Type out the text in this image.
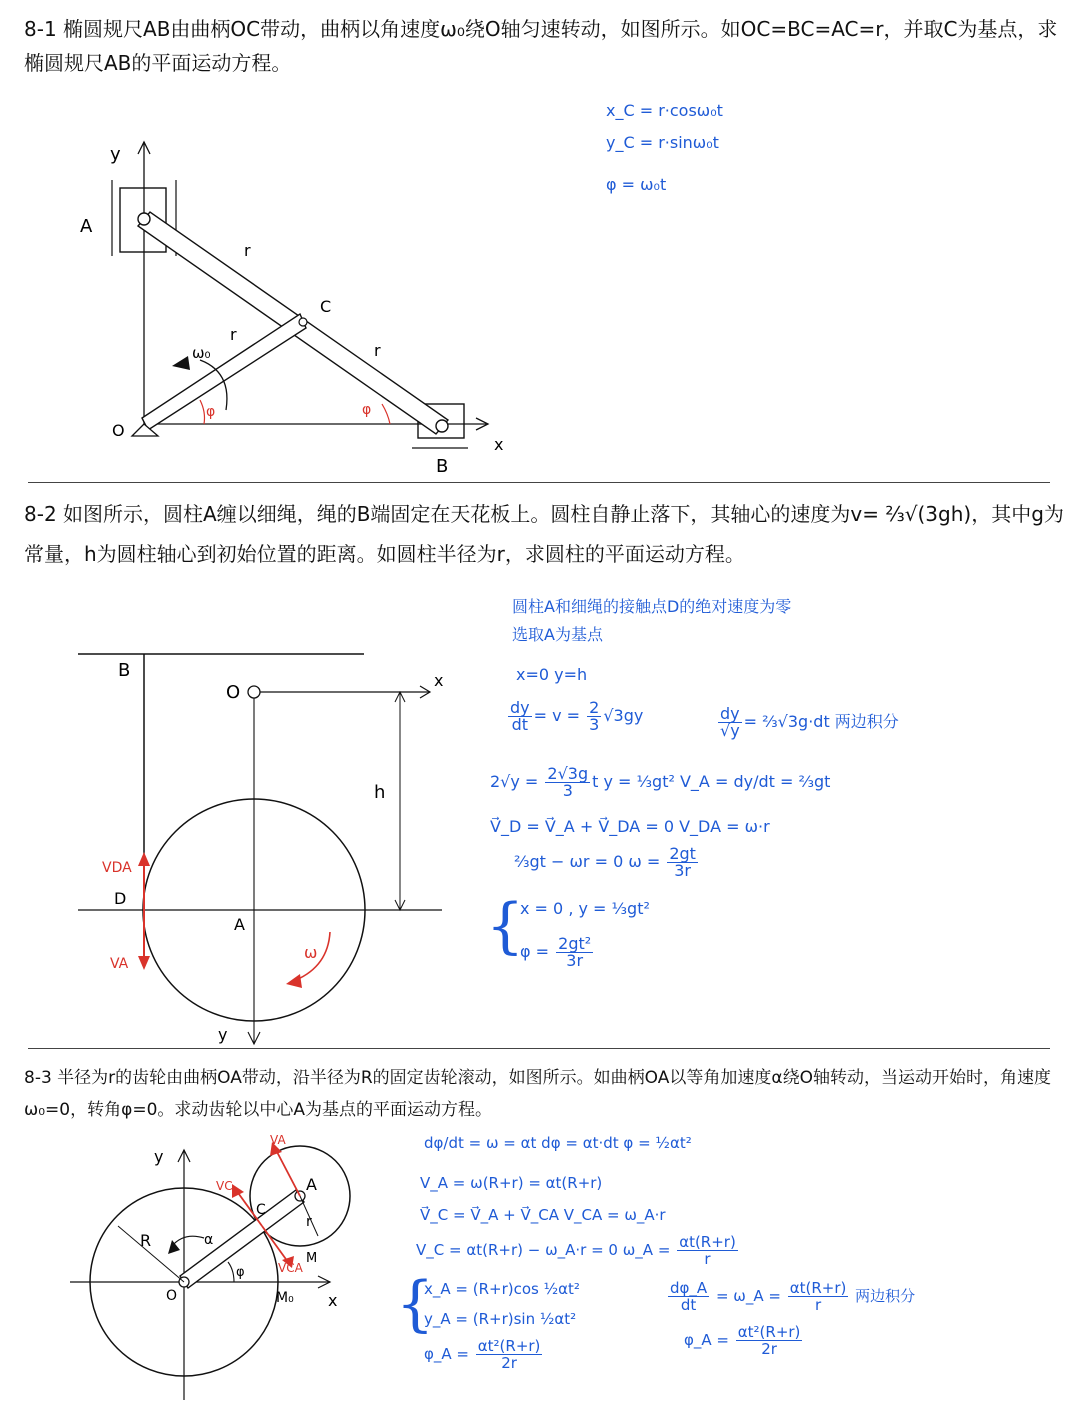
8-1 椭圆规尺AB由曲柄OC带动，曲柄以角速度ω₀绕O轴匀速转动，如图所示。如OC=BC=AC=r，并取C为基点，求椭圆规尺AB的平面运动方程。
x_C = r·cosω₀t
y_C = r·sinω₀t
φ = ω₀t
y
A
B
x
C
O
r
r
r
ω₀
φ	φ
8-2 如图所示，圆柱A缠以细绳，绳的B端固定在天花板上。圆柱自静止落下，其轴心的速度为v= ⅔√(3gh)，其中g为常量，h为圆柱轴心到初始位置的距离。如圆柱半径为r，求圆柱的平面运动方程。
B
O
x
h
D
A
y
VDA
VA
ω
圆柱A和细绳的接触点D的绝对速度为零
选取A为基点
x=0 y=h
$\frac{dy}{dt} = v = \frac{2}{3} √3gy$	$\frac{dy}{√y}$ = ⅔√3g·dt 两边积分
$2√y = \frac{2√3g}{3}$ t y = ⅓gt² V_A = dy/dt = ⅔gt
V⃗_D = V⃗_A + V⃗_DA = 0 V_DA = ω·r
⅔gt − ωr = 0 $\omega = \frac{2gt}{3r}$
{
x = 0 , y = ⅓gt²
$\varphi = \frac{\text{2gt²}}{3r}$
8-3 半径为r的齿轮由曲柄OA带动，沿半径为R的固定齿轮滚动，如图所示。如曲柄OA以等角加速度α绕O轴转动，当运动开始时，角速度ω₀=0，转角φ=0。求动齿轮以中心A为基点的平面运动方程。
y
x
R
r
O
A
C
M
M₀
α
φ
VA
VC
VCA
dφ/dt = ω = αt dφ = αt·dt φ = ½αt²
V_A = ω(R+r) = αt(R+r)
V⃗_C = V⃗_A + V⃗_CA V_CA = ω_A·r
V_C = αt(R+r) − ω_A·r = 0 ω_A = $\frac{\alpha t(R+r)}{r}$
{
x_A = (R+r)cos ½αt²
y_A = (R+r)sin ½αt²
φ_A = $\frac{\text{αt²(R+r)}}{2r}$
$\frac{d\varphi\_A}{dt}$ = ω_A = $\frac{\alpha t(R+r)}{r}$ 两边积分
φ_A = $\frac{\text{αt²(R+r)}}{2r}$
